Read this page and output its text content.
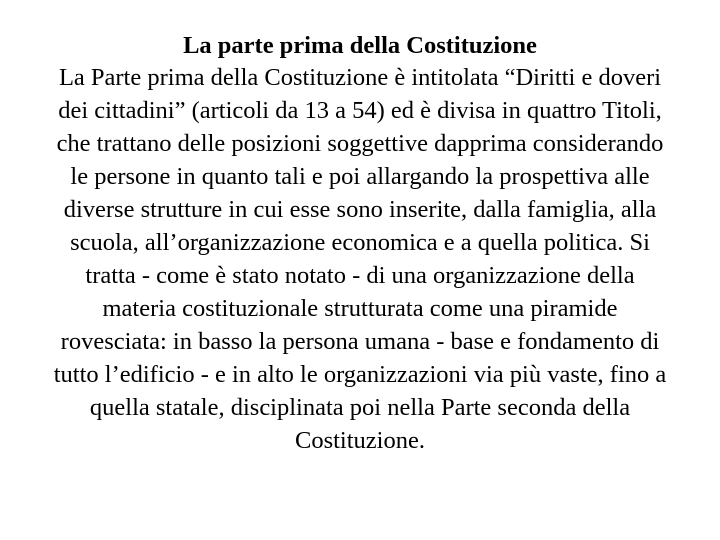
La parte prima della Costituzione

La Parte prima della Costituzione è intitolata “Diritti e doveri dei cittadini” (articoli da 13 a 54) ed è divisa in quattro Titoli, che trattano delle posizioni soggettive dapprima considerando le persone in quanto tali e poi allargando la prospettiva alle diverse strutture in cui esse sono inserite, dalla famiglia, alla scuola, all’organizzazione economica e a quella politica. Si tratta - come è stato notato - di una organizzazione della materia costituzionale strutturata come una piramide rovesciata: in basso la persona umana - base e fondamento di tutto l’edificio - e in alto le organizzazioni via più vaste, fino a quella statale, disciplinata poi nella Parte seconda della Costituzione.
